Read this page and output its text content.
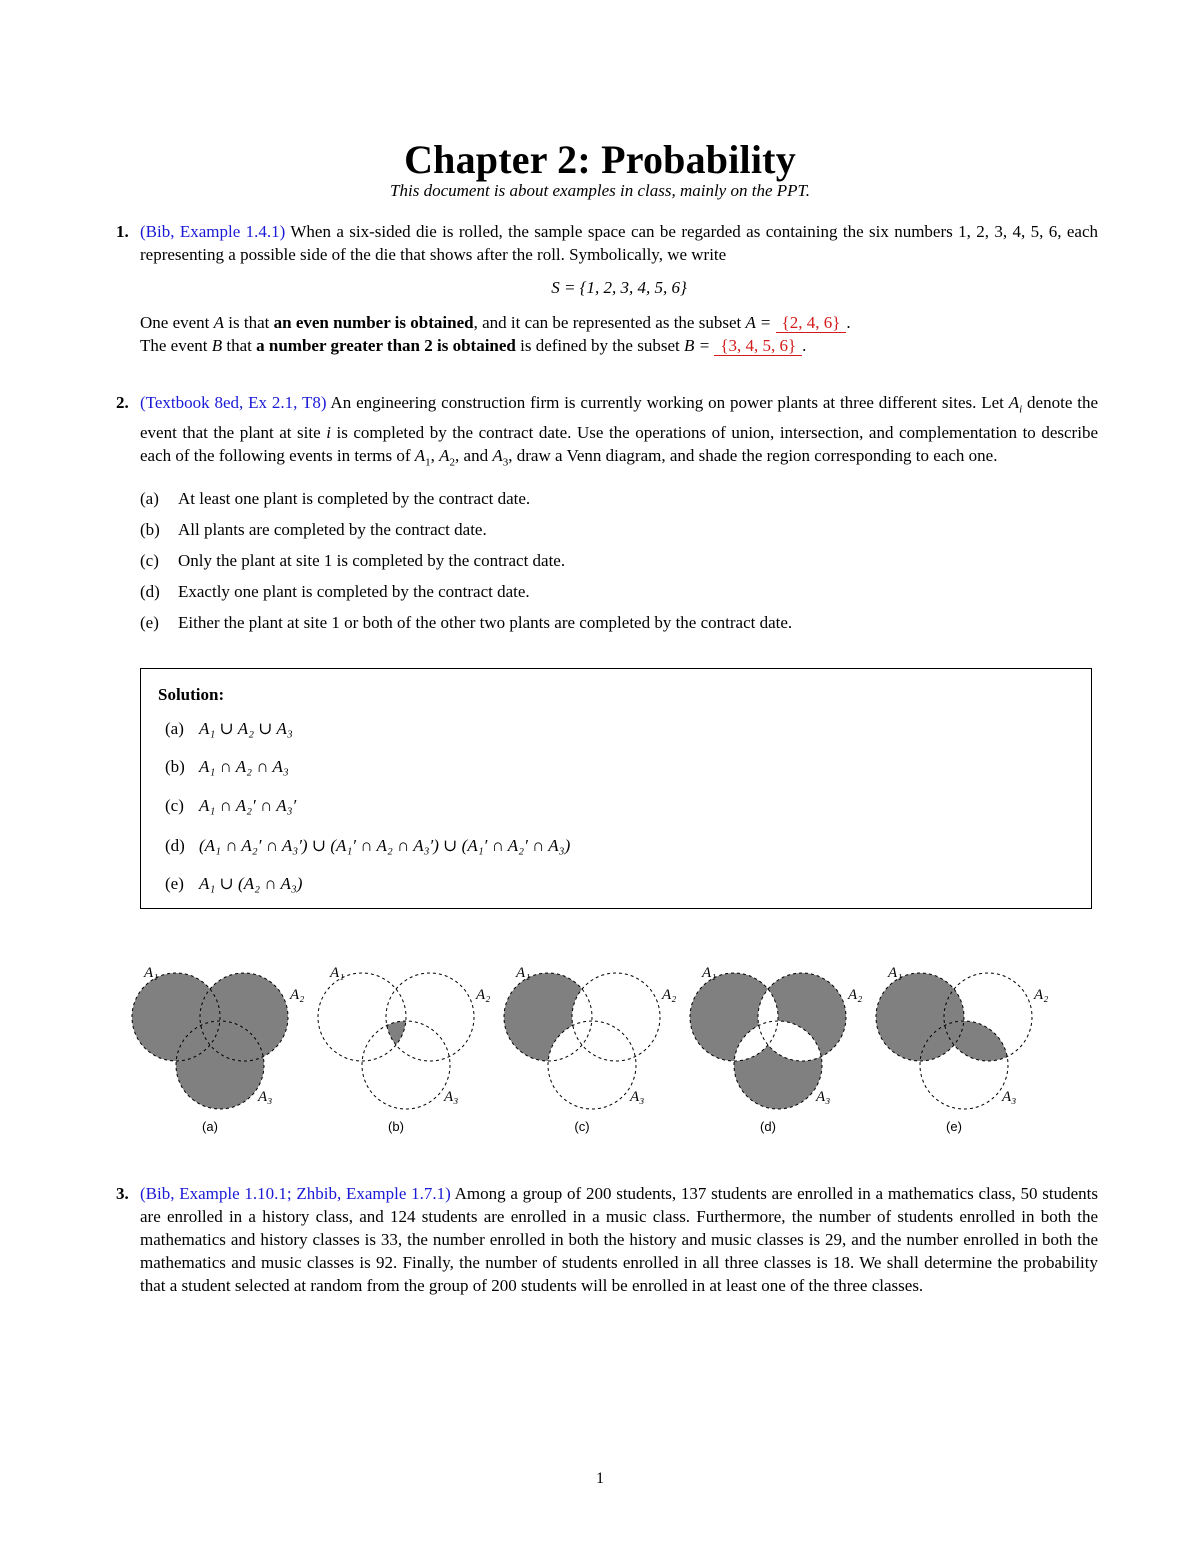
Chapter 2: Probability
This document is about examples in class, mainly on the PPT.
1. (Bib, Example 1.4.1) When a six-sided die is rolled, the sample space can be regarded as containing the six numbers 1, 2, 3, 4, 5, 6, each representing a possible side of the die that shows after the roll. Symbolically, we write
S = {1, 2, 3, 4, 5, 6}
One event A is that an even number is obtained, and it can be represented as the subset A = {2, 4, 6} .
The event B that a number greater than 2 is obtained is defined by the subset B = {3, 4, 5, 6} .
2. (Textbook 8ed, Ex 2.1, T8) An engineering construction firm is currently working on power plants at three different sites. Let $A_i$ denote the event that the plant at site i is completed by the contract date. Use the operations of union, intersection, and complementation to describe each of the following events in terms of $A_1$, $A_2$, and $A_3$, draw a Venn diagram, and shade the region corresponding to each one.
(a) At least one plant is completed by the contract date.
(b) All plants are completed by the contract date.
(c) Only the plant at site 1 is completed by the contract date.
(d) Exactly one plant is completed by the contract date.
(e) Either the plant at site 1 or both of the other two plants are completed by the contract date.
Solution:
(a) A₁ ∪ A₂ ∪ A₃
(b) A₁ ∩ A₂ ∩ A₃
(c) A₁ ∩ A₂′ ∩ A₃′
(d) (A₁ ∩ A₂′ ∩ A₃′) ∪ (A₁′ ∩ A₂ ∩ A₃′) ∪ (A₁′ ∩ A₂′ ∩ A₃)
(e) A₁ ∪ (A₂ ∩ A₃)
A₁
A₂
A₃
(a)
A₁
A₂
A₃
(b)
A₁
A₂
A₃
(c)
A₁
A₂
A₃
(d)
A₁
A₂
A₃
(e)
3. (Bib, Example 1.10.1; Zhbib, Example 1.7.1) Among a group of 200 students, 137 students are enrolled in a mathematics class, 50 students are enrolled in a history class, and 124 students are enrolled in a music class. Furthermore, the number of students enrolled in both the mathematics and history classes is 33, the number enrolled in both the history and music classes is 29, and the number enrolled in both the mathematics and music classes is 92. Finally, the number of students enrolled in all three classes is 18. We shall determine the probability that a student selected at random from the group of 200 students will be enrolled in at least one of the three classes.
1
